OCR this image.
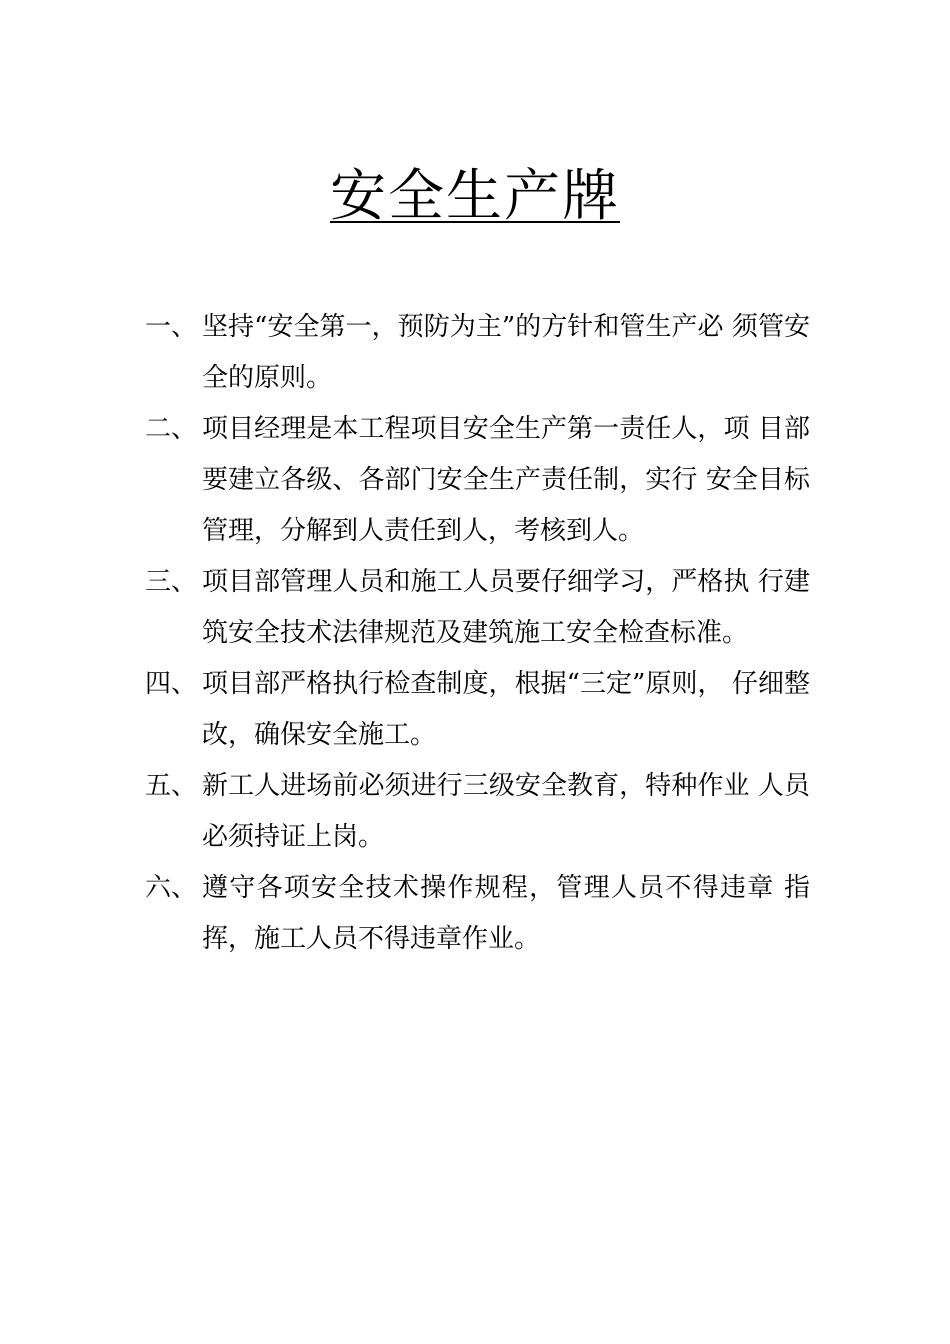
安全生产牌
一、 坚持“安全第一，预防为主”的方针和管生产必 须管安全的原则。
二、 项目经理是本工程项目安全生产第一责任人，项 目部要建立各级、各部门安全生产责任制，实行 安全目标管理，分解到人责任到人，考核到人。
三、 项目部管理人员和施工人员要仔细学习，严格执 行建筑安全技术法律规范及建筑施工安全检查标准。
四、 项目部严格执行检查制度，根据“三定”原则， 仔细整改，确保安全施工。
五、 新工人进场前必须进行三级安全教育，特种作业 人员必须持证上岗。
六、 遵守各项安全技术操作规程，管理人员不得违章 指挥，施工人员不得违章作业。
